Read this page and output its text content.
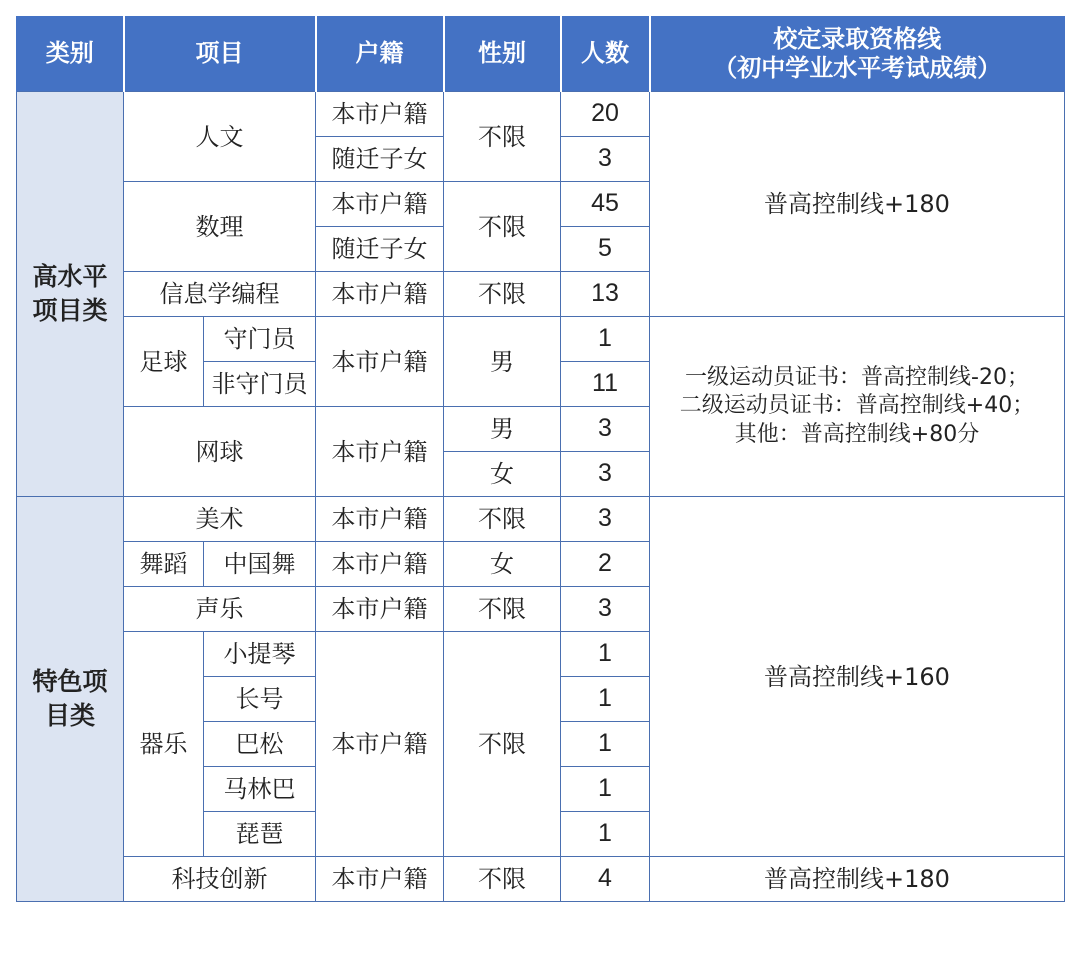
类别	项目		户籍	性别	人数	校定录取资格线
（初中学业水平考试成绩）

高水平
项目类	人文		本市户籍	不限	20	普高控制线+180
			随迁子女		3	
	数理		本市户籍	不限	45	
			随迁子女		5	
	信息学编程		本市户籍	不限	13	
	足球	守门员	本市户籍	男	1	一级运动员证书：普高控制线-20；
二级运动员证书：普高控制线+40；
其他：普高控制线+80分

		非守门员			11	
	网球		本市户籍	男	3	
				女	3	
特色项
目类	美术		本市户籍	不限	3	普高控制线+160
	舞蹈	中国舞	本市户籍	女	2	
	声乐		本市户籍	不限	3	
	器乐	小提琴	本市户籍	不限	1	
		长号			1	
		巴松			1	
		马林巴			1	
		琵琶			1	
	科技创新		本市户籍	不限	4	普高控制线+180
